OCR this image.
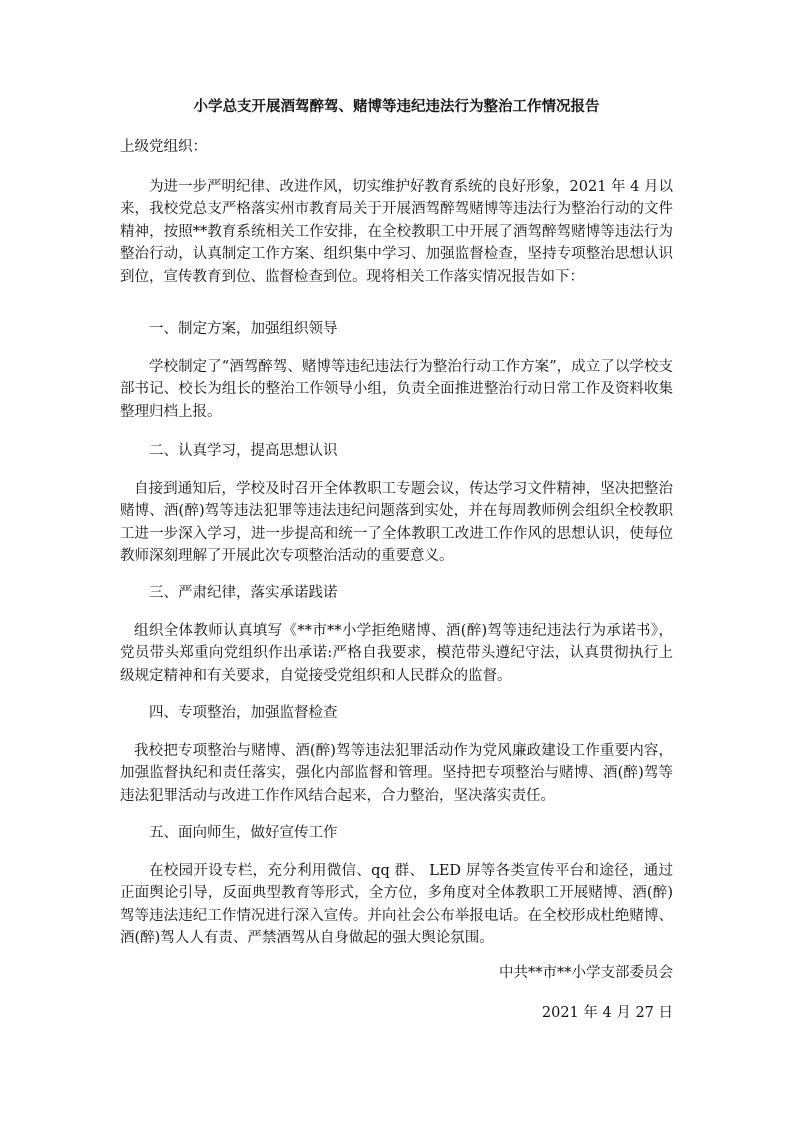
小学总支开展酒驾醉驾、赌博等违纪违法行为整治工作情况报告
上级党组织：
为进一步严明纪律、改进作风，切实维护好教育系统的良好形象，2021 年 4 月以来，我校党总支严格落实州市教育局关于开展酒驾醉驾赌博等违法行为整治行动的文件精神，按照**教育系统相关工作安排，在全校教职工中开展了酒驾醉驾赌博等违法行为整治行动，认真制定工作方案、组织集中学习、加强监督检查，坚持专项整治思想认识到位，宣传教育到位、监督检查到位。现将相关工作落实情况报告如下：
一、制定方案，加强组织领导
学校制定了“酒驾醉驾、赌博等违纪违法行为整治行动工作方案”，成立了以学校支部书记、校长为组长的整治工作领导小组，负责全面推进整治行动日常工作及资料收集整理归档上报。
二、认真学习，提高思想认识
自接到通知后，学校及时召开全体教职工专题会议，传达学习文件精神，坚决把整治赌博、酒(醉)驾等违法犯罪等违法违纪问题落到实处，并在每周教师例会组织全校教职工进一步深入学习，进一步提高和统一了全体教职工改进工作作风的思想认识，使每位教师深刻理解了开展此次专项整治活动的重要意义。
三、严肃纪律，落实承诺践诺
组织全体教师认真填写《**市**小学拒绝赌博、酒(醉)驾等违纪违法行为承诺书》，党员带头郑重向党组织作出承诺:严格自我要求，模范带头遵纪守法，认真贯彻执行上级规定精神和有关要求，自觉接受党组织和人民群众的监督。
四、专项整治，加强监督检查
我校把专项整治与赌博、酒(醉)驾等违法犯罪活动作为党风廉政建设工作重要内容，加强监督执纪和责任落实，强化内部监督和管理。坚持把专项整治与赌博、酒(醉)驾等违法犯罪活动与改进工作作风结合起来，合力整治，坚决落实责任。
五、面向师生，做好宣传工作
在校园开设专栏，充分利用微信、qq 群、 LED 屏等各类宣传平台和途径，通过正面舆论引导，反面典型教育等形式，全方位，多角度对全体教职工开展赌博、酒(醉)驾等违法违纪工作情况进行深入宣传。并向社会公布举报电话。在全校形成杜绝赌博、酒(醉)驾人人有责、严禁酒驾从自身做起的强大舆论氛围。
中共**市**小学支部委员会
2021 年 4 月 27 日
